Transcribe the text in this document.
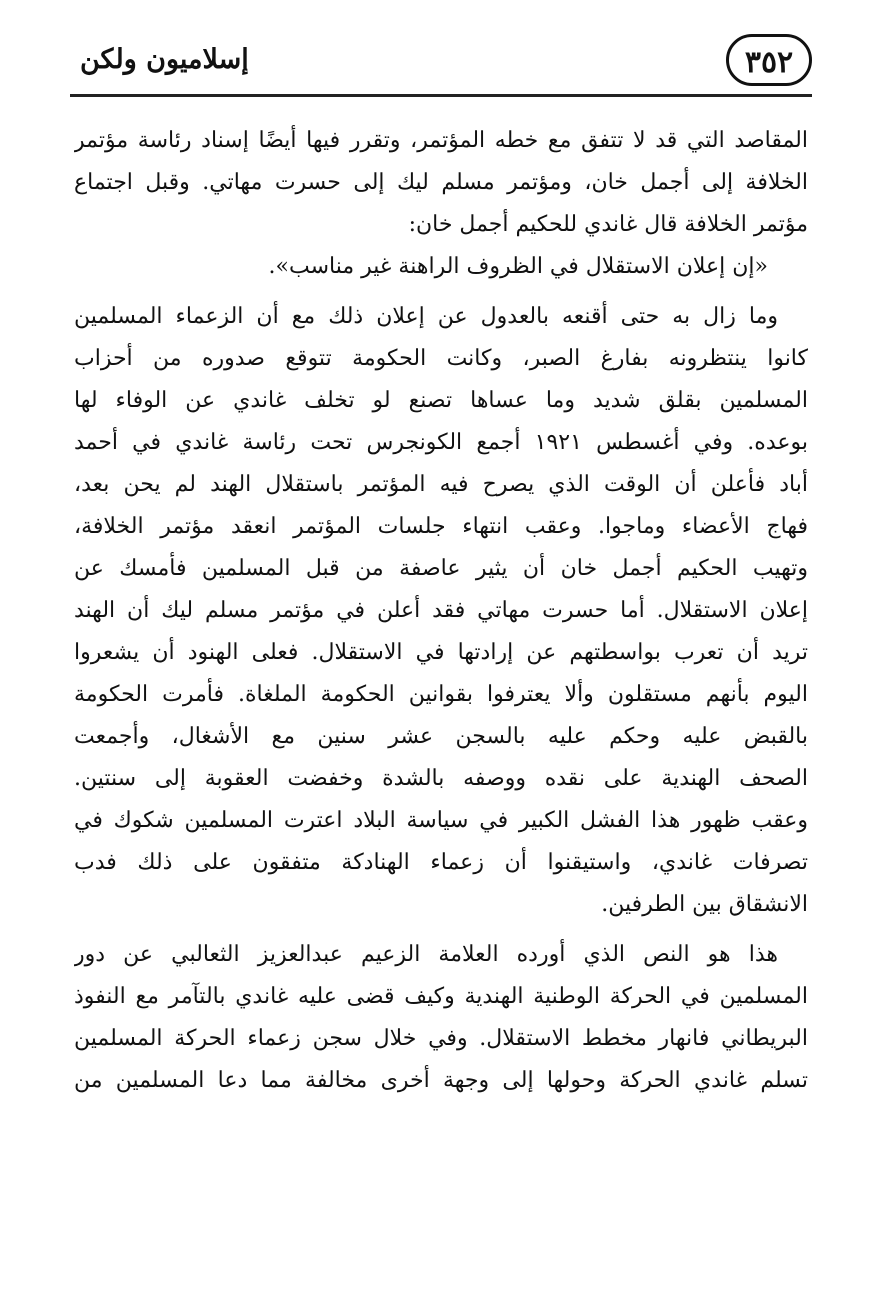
إسلاميون ولكن	٣٥٢
المقاصد التي قد لا تتفق مع خطه المؤتمر، وتقرر فيها أيضًا إسناد رئاسة مؤتمر
الخلافة إلى أجمل خان، ومؤتمر مسلم ليك إلى حسرت مهاتي. وقبل اجتماع
مؤتمر الخلافة قال غاندي للحكيم أجمل خان:
«إن إعلان الاستقلال في الظروف الراهنة غير مناسب».
وما زال به حتى أقنعه بالعدول عن إعلان ذلك مع أن الزعماء المسلمين
كانوا ينتظرونه بفارغ الصبر، وكانت الحكومة تتوقع صدوره من أحزاب
المسلمين بقلق شديد وما عساها تصنع لو تخلف غاندي عن الوفاء لها
بوعده. وفي أغسطس ١٩٢١ أجمع الكونجرس تحت رئاسة غاندي في أحمد
أباد فأعلن أن الوقت الذي يصرح فيه المؤتمر باستقلال الهند لم يحن بعد،
فهاج الأعضاء وماجوا. وعقب انتهاء جلسات المؤتمر انعقد مؤتمر الخلافة،
وتهيب الحكيم أجمل خان أن يثير عاصفة من قبل المسلمين فأمسك عن
إعلان الاستقلال. أما حسرت مهاتي فقد أعلن في مؤتمر مسلم ليك أن الهند
تريد أن تعرب بواسطتهم عن إرادتها في الاستقلال. فعلى الهنود أن يشعروا
اليوم بأنهم مستقلون وألا يعترفوا بقوانين الحكومة الملغاة. فأمرت الحكومة
بالقبض عليه وحكم عليه بالسجن عشر سنين مع الأشغال، وأجمعت
الصحف الهندية على نقده ووصفه بالشدة وخفضت العقوبة إلى سنتين.
وعقب ظهور هذا الفشل الكبير في سياسة البلاد اعترت المسلمين شكوك في
تصرفات غاندي، واستيقنوا أن زعماء الهنادكة متفقون على ذلك فدب
الانشقاق بين الطرفين.
هذا هو النص الذي أورده العلامة الزعيم عبدالعزيز الثعالبي عن دور
المسلمين في الحركة الوطنية الهندية وكيف قضى عليه غاندي بالتآمر مع النفوذ
البريطاني فانهار مخطط الاستقلال. وفي خلال سجن زعماء الحركة المسلمين
تسلم غاندي الحركة وحولها إلى وجهة أخرى مخالفة مما دعا المسلمين من
